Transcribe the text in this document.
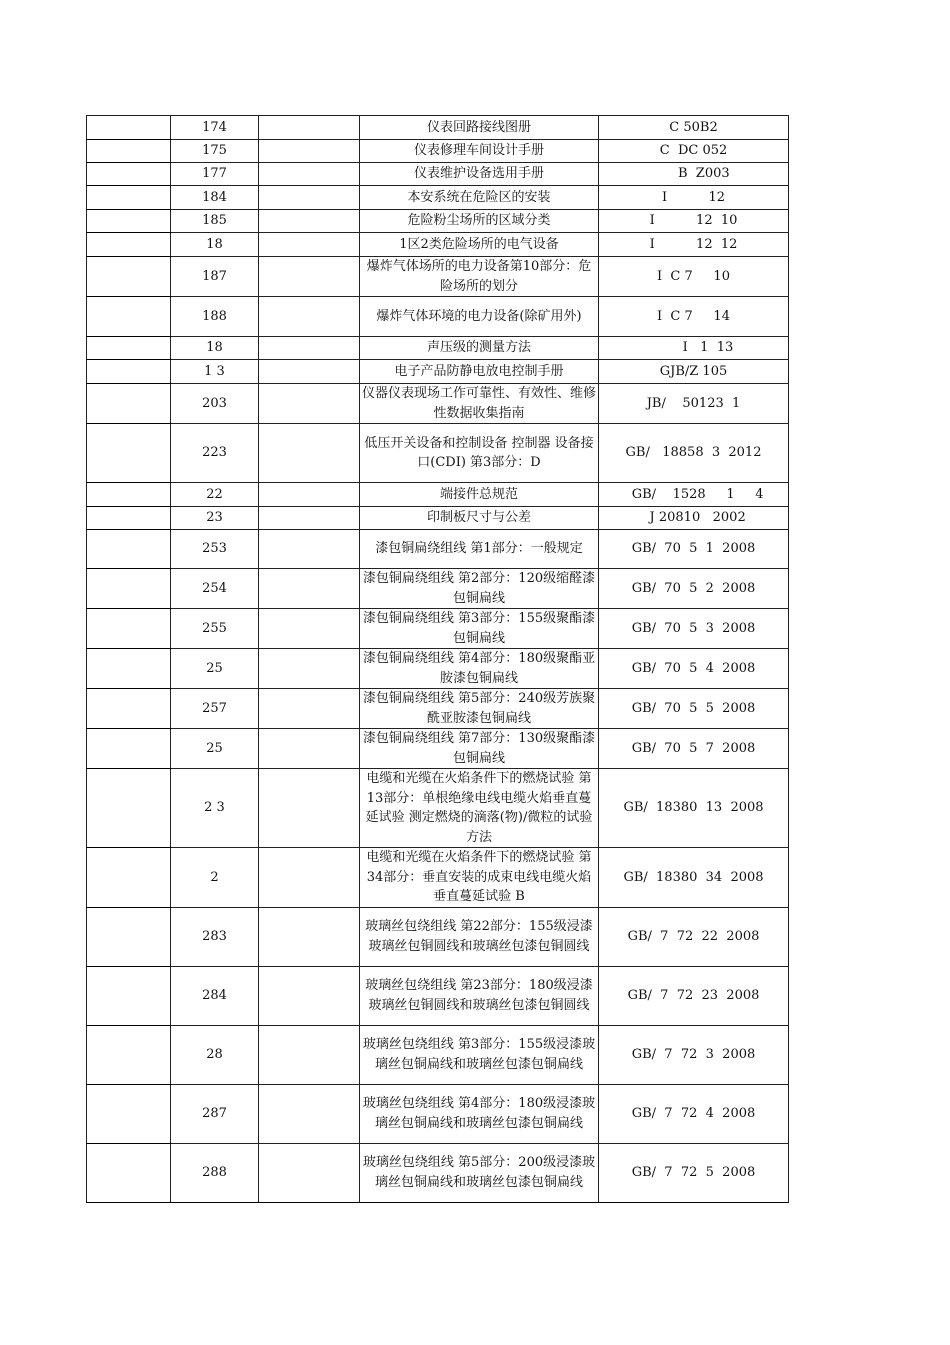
	174		仪表回路接线图册	C 50B2
	175		仪表修理车间设计手册	C  DC 052
	177		仪表维护设备选用手册	B  Z003
	184		本安系统在危险区的安装	I          12
	185		危险粉尘场所的区域分类	I          12  10
	18		1区2类危险场所的电气设备	I          12  12
	187		爆炸气体场所的电力设备第10部分：危险场所的划分	I  C 7     10
	188		爆炸气体环境的电力设备(除矿用外)	I  C 7     14
	18		声压级的测量方法	I   1  13
	1 3		电子产品防静电放电控制手册	GJB/Z 105
	203		仪器仪表现场工作可靠性、有效性、维修性数据收集指南	JB/    50123  1
	223		低压开关设备和控制设备 控制器 设备接口(CDI) 第3部分：D	GB/   18858  3  2012
	22		端接件总规范	GB/    1528     1     4
	23		印制板尺寸与公差	J 20810   2002
	253		漆包铜扁绕组线 第1部分：一般规定	GB/  70  5  1  2008
	254		漆包铜扁绕组线 第2部分：120级缩醛漆包铜扁线	GB/  70  5  2  2008
	255		漆包铜扁绕组线 第3部分：155级聚酯漆包铜扁线	GB/  70  5  3  2008
	25		漆包铜扁绕组线 第4部分：180级聚酯亚胺漆包铜扁线	GB/  70  5  4  2008
	257		漆包铜扁绕组线 第5部分：240级芳族聚酰亚胺漆包铜扁线	GB/  70  5  5  2008
	25		漆包铜扁绕组线 第7部分：130级聚酯漆包铜扁线	GB/  70  5  7  2008
	2 3		电缆和光缆在火焰条件下的燃烧试验 第13部分：单根绝缘电线电缆火焰垂直蔓延试验 测定燃烧的滴落(物)/微粒的试验方法	GB/  18380  13  2008
	2		电缆和光缆在火焰条件下的燃烧试验 第34部分：垂直安装的成束电线电缆火焰垂直蔓延试验 B	GB/  18380  34  2008
	283		玻璃丝包绕组线 第22部分：155级浸漆玻璃丝包铜圆线和玻璃丝包漆包铜圆线	GB/  7  72  22  2008
	284		玻璃丝包绕组线 第23部分：180级浸漆玻璃丝包铜圆线和玻璃丝包漆包铜圆线	GB/  7  72  23  2008
	28		玻璃丝包绕组线 第3部分：155级浸漆玻璃丝包铜扁线和玻璃丝包漆包铜扁线	GB/  7  72  3  2008
	287		玻璃丝包绕组线 第4部分：180级浸漆玻璃丝包铜扁线和玻璃丝包漆包铜扁线	GB/  7  72  4  2008
	288		玻璃丝包绕组线 第5部分：200级浸漆玻璃丝包铜扁线和玻璃丝包漆包铜扁线	GB/  7  72  5  2008
